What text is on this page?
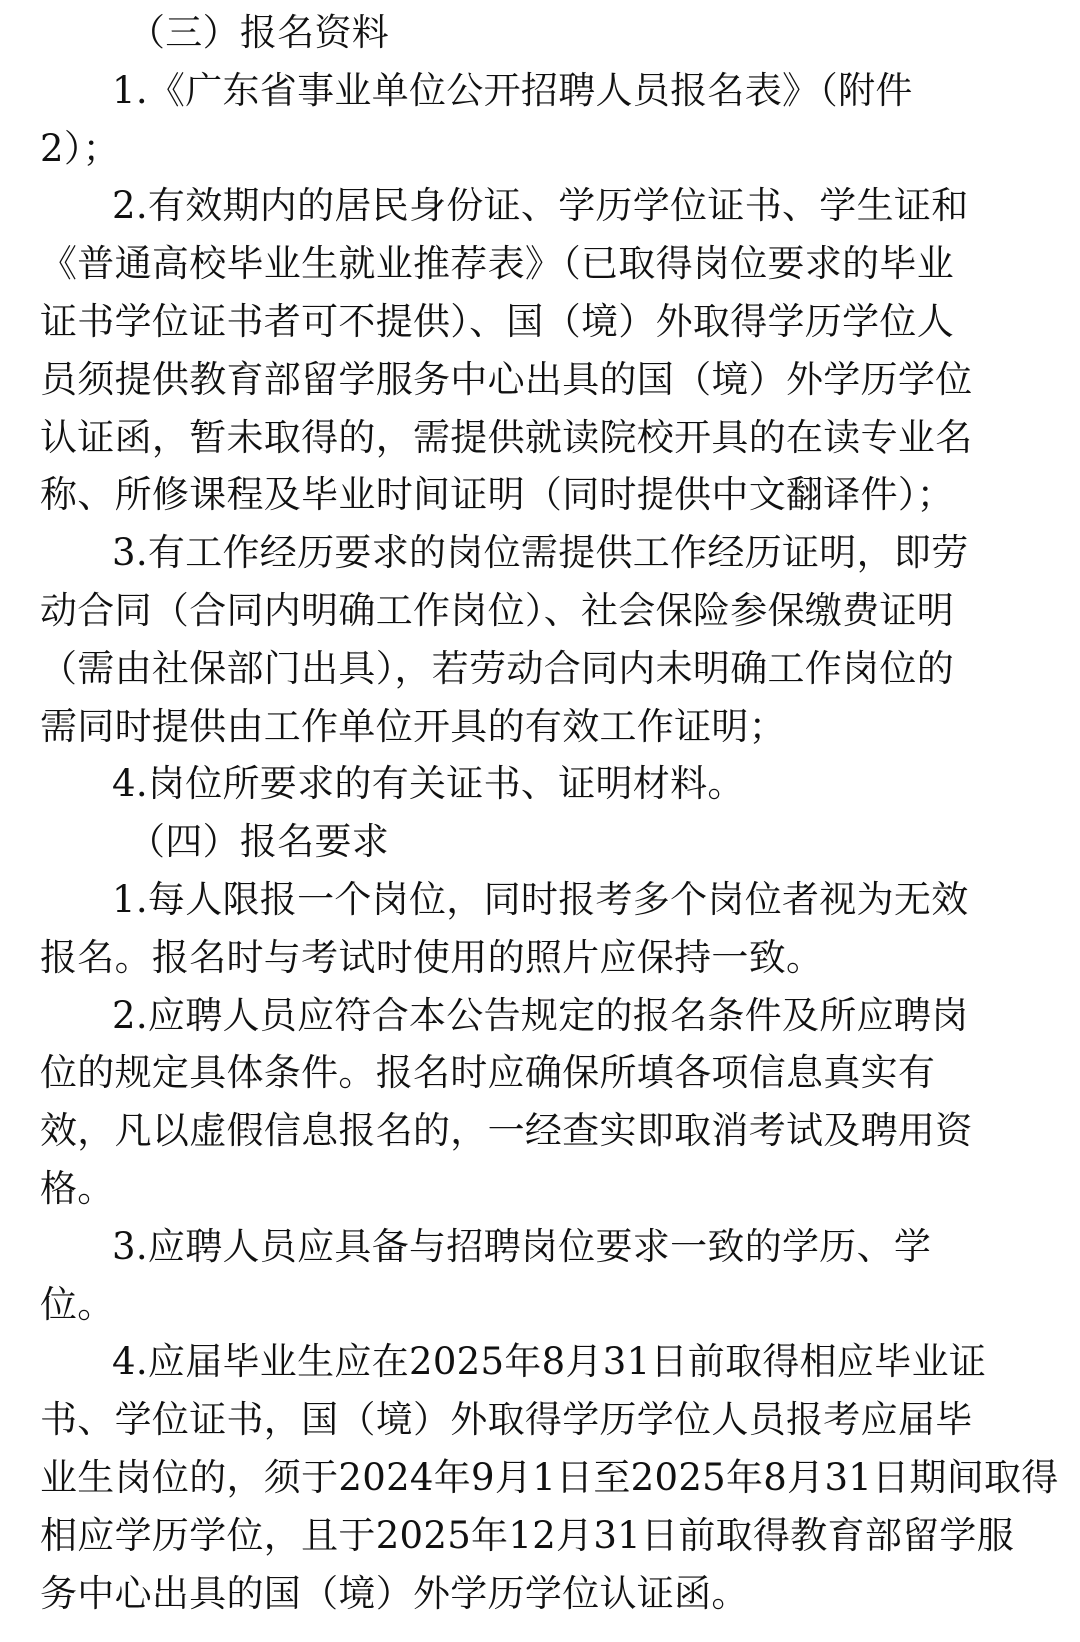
（三）报名资料
1.《广东省事业单位公开招聘人员报名表》（附件
2）；
2.有效期内的居民身份证、学历学位证书、学生证和
《普通高校毕业生就业推荐表》（已取得岗位要求的毕业
证书学位证书者可不提供）、国（境）外取得学历学位人
员须提供教育部留学服务中心出具的国（境）外学历学位
认证函，暂未取得的，需提供就读院校开具的在读专业名
称、所修课程及毕业时间证明（同时提供中文翻译件）；
3.有工作经历要求的岗位需提供工作经历证明，即劳
动合同（合同内明确工作岗位）、社会保险参保缴费证明
（需由社保部门出具），若劳动合同内未明确工作岗位的
需同时提供由工作单位开具的有效工作证明；
4.岗位所要求的有关证书、证明材料。
（四）报名要求
1.每人限报一个岗位，同时报考多个岗位者视为无效
报名。报名时与考试时使用的照片应保持一致。
2.应聘人员应符合本公告规定的报名条件及所应聘岗
位的规定具体条件。报名时应确保所填各项信息真实有
效，凡以虚假信息报名的，一经查实即取消考试及聘用资
格。
3.应聘人员应具备与招聘岗位要求一致的学历、学
位。
4.应届毕业生应在2025年8月31日前取得相应毕业证
书、学位证书，国（境）外取得学历学位人员报考应届毕
业生岗位的，须于2024年9月1日至2025年8月31日期间取得
相应学历学位，且于2025年12月31日前取得教育部留学服
务中心出具的国（境）外学历学位认证函。
